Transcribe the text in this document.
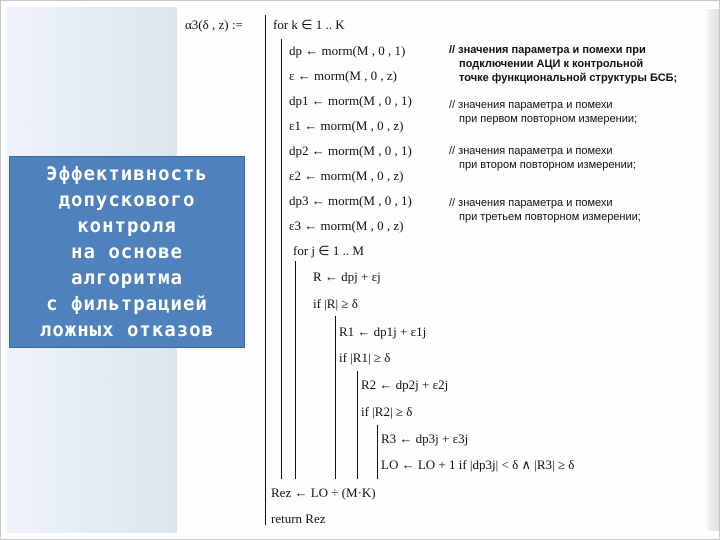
α3(δ , z) := for k ∈ 1 .. K
dp ← morm(M , 0 , 1)
ε ← morm(M , 0 , z)
dp1 ← morm(M , 0 , 1)
ε1 ← morm(M , 0 , z)
dp2 ← morm(M , 0 , 1)
ε2 ← morm(M , 0 , z)
dp3 ← morm(M , 0 , 1)
ε3 ← morm(M , 0 , z)
for j ∈ 1 .. M
R ← dpj + εj
if |R| ≥ δ
R1 ← dp1j + ε1j
if |R1| ≥ δ
R2 ← dp2j + ε2j
if |R2| ≥ δ
R3 ← dp3j + ε3j
LO ← LO + 1 if |dp3j| < δ ∧ |R3| ≥ δ
Rez ← LO ÷ (M·K)
return Rez
// значения параметра и помехи при
подключении АЦИ к контрольной
точке функциональной структуры БСБ;
// значения параметра и помехи
при первом повторном измерении;
// значения параметра и помехи
при втором повторном измерении;
// значения параметра и помехи
при третьем повторном измерении;
Эффективность
допускового
контроля
на основе
алгоритма
с фильтрацией
ложных отказов
